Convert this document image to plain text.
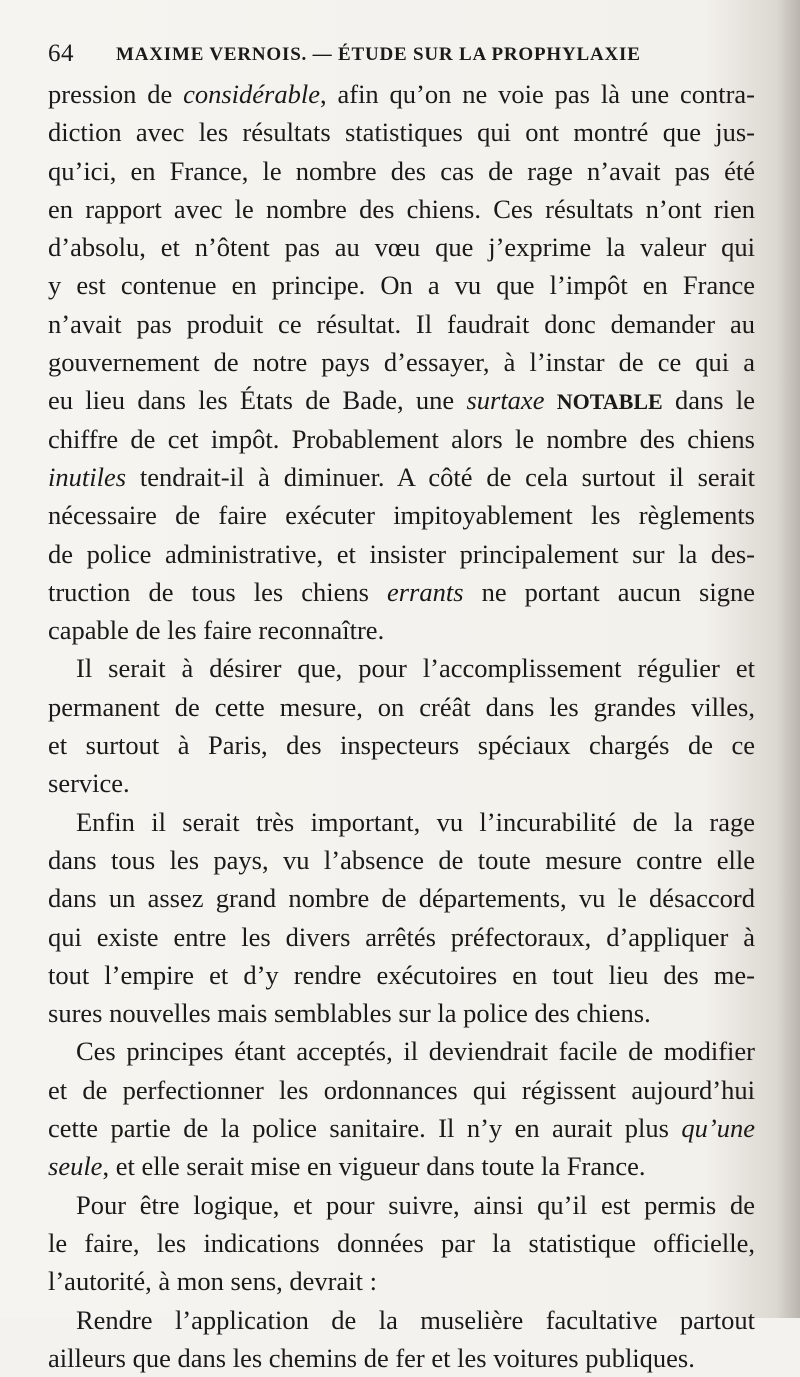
64 MAXIME VERNOIS. — ÉTUDE SUR LA PROPHYLAXIE
pression de considérable, afin qu’on ne voie pas là une contra-
diction avec les résultats statistiques qui ont montré que jus-
qu’ici, en France, le nombre des cas de rage n’avait pas été
en rapport avec le nombre des chiens. Ces résultats n’ont rien
d’absolu, et n’ôtent pas au vœu que j’exprime la valeur qui
y est contenue en principe. On a vu que l’impôt en France
n’avait pas produit ce résultat. Il faudrait donc demander au
gouvernement de notre pays d’essayer, à l’instar de ce qui a
eu lieu dans les États de Bade, une surtaxe NOTABLE dans le
chiffre de cet impôt. Probablement alors le nombre des chiens
inutiles tendrait-il à diminuer. A côté de cela surtout il serait
nécessaire de faire exécuter impitoyablement les règlements
de police administrative, et insister principalement sur la des-
truction de tous les chiens errants ne portant aucun signe
capable de les faire reconnaître.
Il serait à désirer que, pour l’accomplissement régulier et
permanent de cette mesure, on créât dans les grandes villes,
et surtout à Paris, des inspecteurs spéciaux chargés de ce
service.
Enfin il serait très important, vu l’incurabilité de la rage
dans tous les pays, vu l’absence de toute mesure contre elle
dans un assez grand nombre de départements, vu le désaccord
qui existe entre les divers arrêtés préfectoraux, d’appliquer à
tout l’empire et d’y rendre exécutoires en tout lieu des me-
sures nouvelles mais semblables sur la police des chiens.
Ces principes étant acceptés, il deviendrait facile de modifier
et de perfectionner les ordonnances qui régissent aujourd’hui
cette partie de la police sanitaire. Il n’y en aurait plus qu’une
seule, et elle serait mise en vigueur dans toute la France.
Pour être logique, et pour suivre, ainsi qu’il est permis de
le faire, les indications données par la statistique officielle,
l’autorité, à mon sens, devrait :
Rendre l’application de la muselière facultative partout
ailleurs que dans les chemins de fer et les voitures publiques.
